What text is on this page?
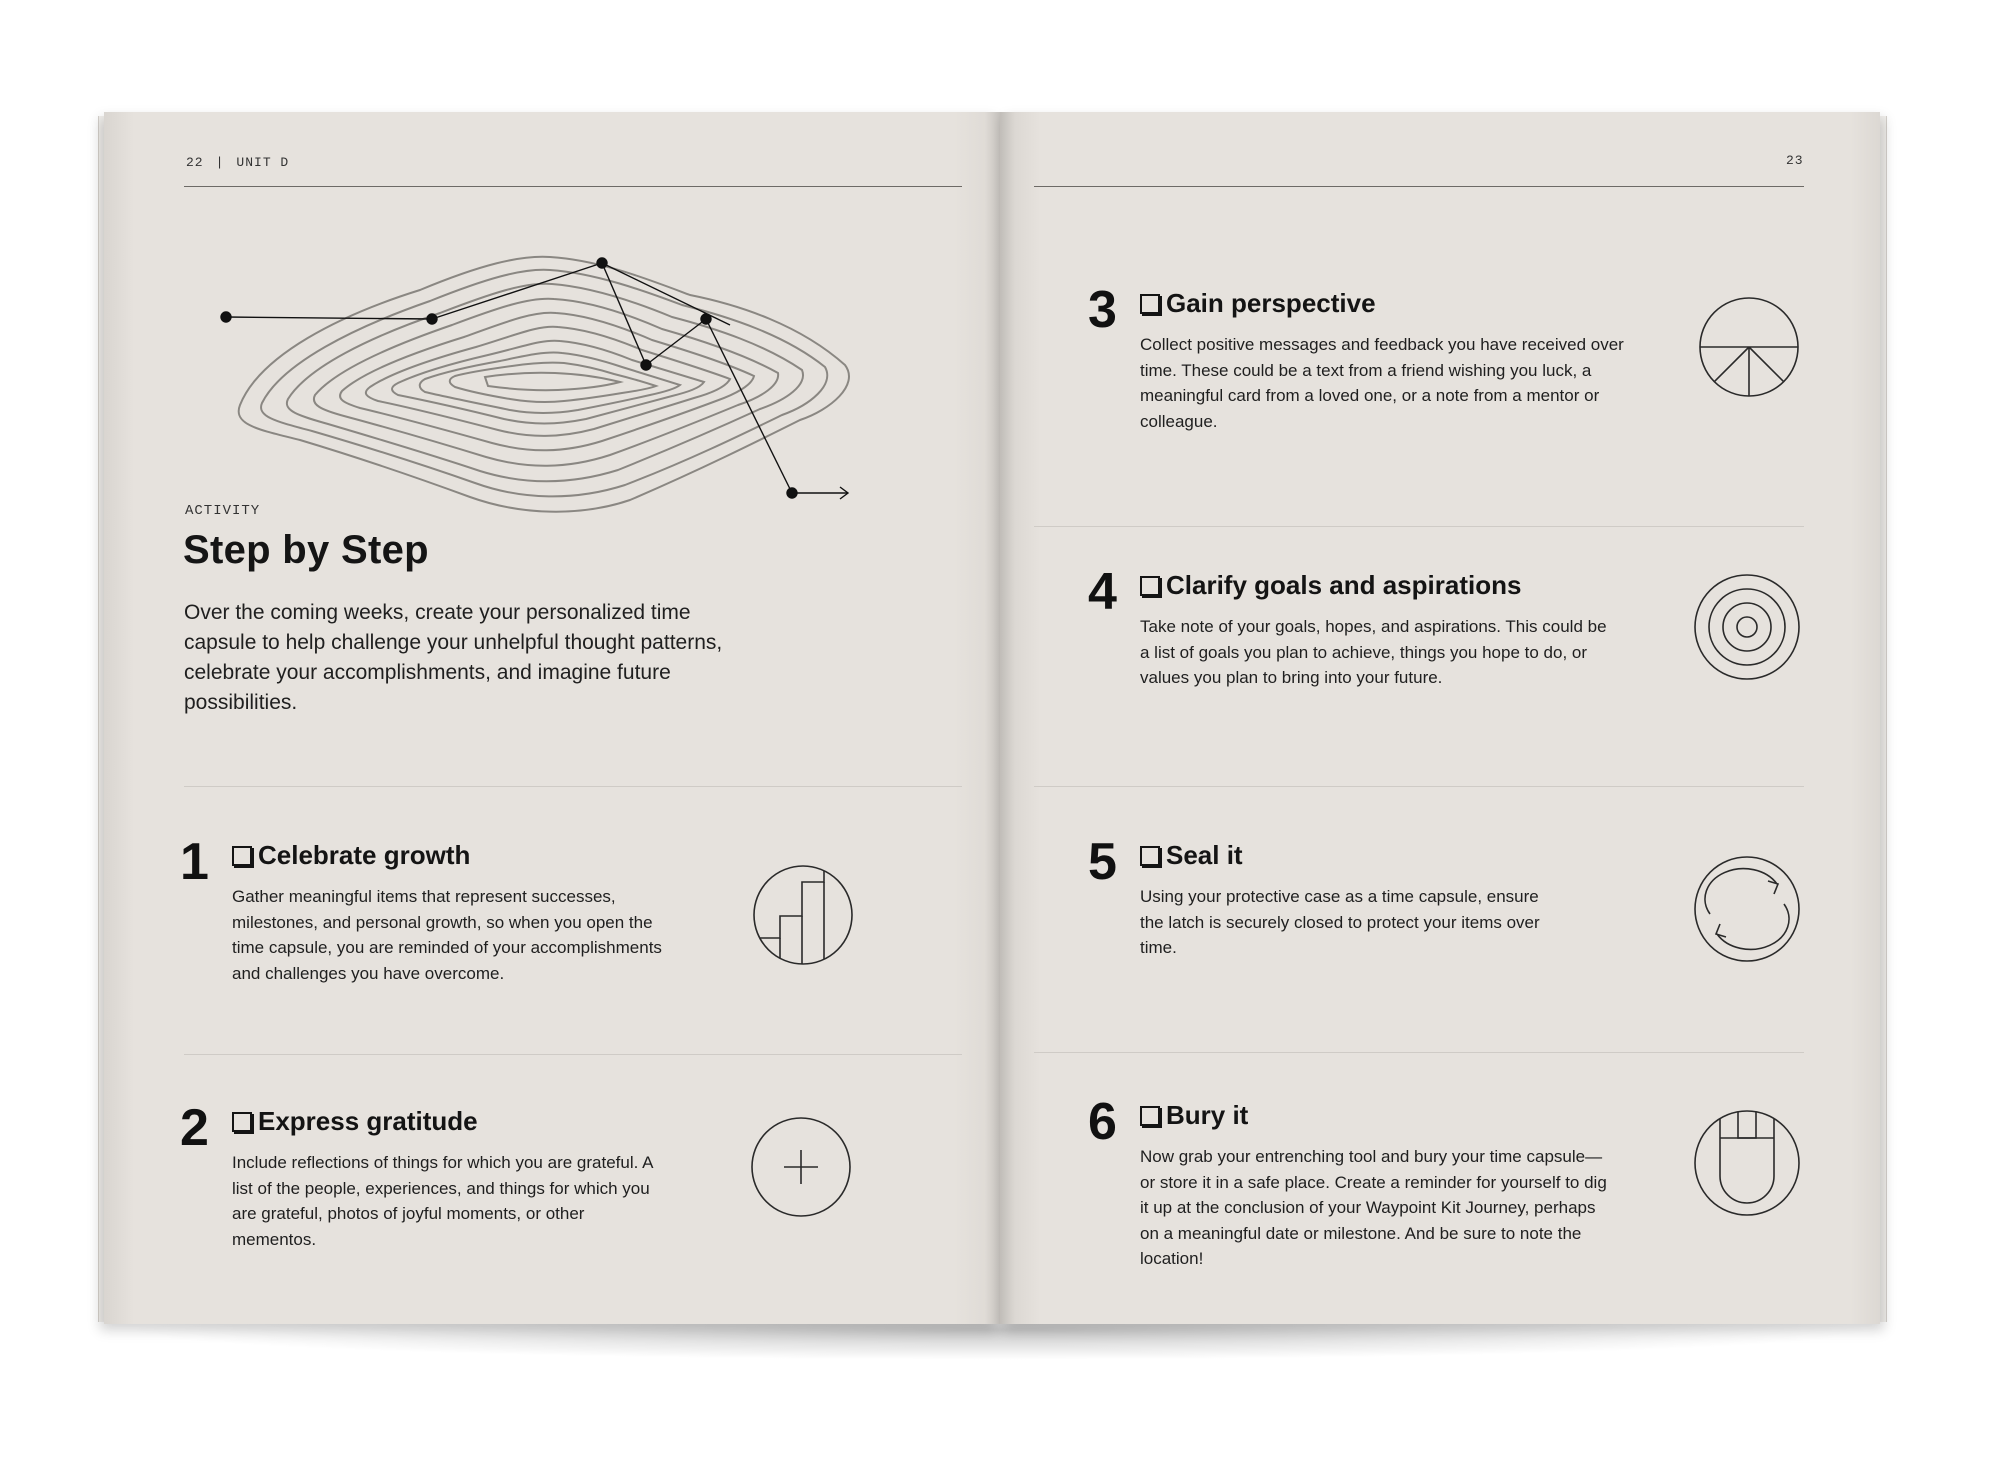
22 | UNIT D	23
ACTIVITY
Step by Step

Over the coming weeks, create your personalized time capsule to help challenge your unhelpful thought patterns, celebrate your accomplishments, and imagine future possibilities.

1 Celebrate growth

Gather meaningful items that represent successes, milestones, and personal growth, so when you open the time capsule, you are reminded of your accomplishments and challenges you have overcome.

2 Express gratitude

Include reflections of things for which you are grateful. A list of the people, experiences, and things for which you are grateful, photos of joyful moments, or other mementos.

3 Gain perspective

Collect positive messages and feedback you have received over time. These could be a text from a friend wishing you luck, a meaningful card from a loved one, or a note from a mentor or colleague.

4 Clarify goals and aspirations

Take note of your goals, hopes, and aspirations. This could be a list of goals you plan to achieve, things you hope to do, or values you plan to bring into your future.

5 Seal it

Using your protective case as a time capsule, ensure the latch is securely closed to protect your items over time.

6 Bury it

Now grab your entrenching tool and bury your time capsule—or store it in a safe place. Create a reminder for yourself to dig it up at the conclusion of your Waypoint Kit Journey, perhaps on a meaningful date or milestone. And be sure to note the location!
